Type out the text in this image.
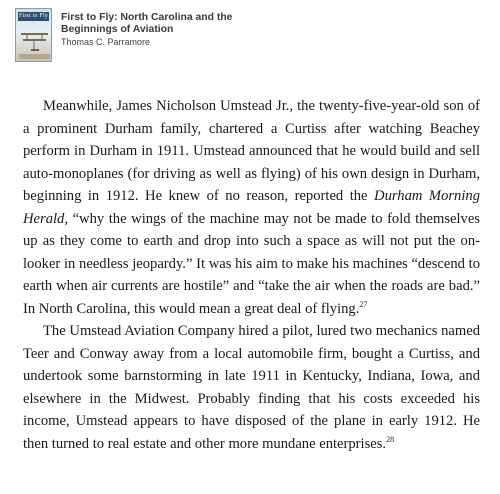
First to Fly First to Fly: North Carolina and the Beginnings of Aviation
Thomas C. Parramore

Meanwhile, James Nicholson Umstead Jr., the twenty-five-year-old son of a prominent Durham family, chartered a Curtiss after watching Beachey perform in Durham in 1911. Umstead announced that he would build and sell auto-monoplanes (for driving as well as flying) of his own design in Durham, beginning in 1912. He knew of no reason, reported the Durham Morning Herald, “why the wings of the machine may not be made to fold themselves up as they come to earth and drop into such a space as will not put the on-looker in needless jeopardy.” It was his aim to make his machines “descend to earth when air currents are hostile” and “take the air when the roads are bad.” In North Carolina, this would mean a great deal of flying.$^{27}$

The Umstead Aviation Company hired a pilot, lured two mechanics named Teer and Conway away from a local automobile firm, bought a Curtiss, and undertook some barnstorming in late 1911 in Kentucky, Indiana, Iowa, and elsewhere in the Midwest. Probably finding that his costs exceeded his income, Umstead appears to have disposed of the plane in early 1912. He then turned to real estate and other more mundane enterprises.$^{28}$
